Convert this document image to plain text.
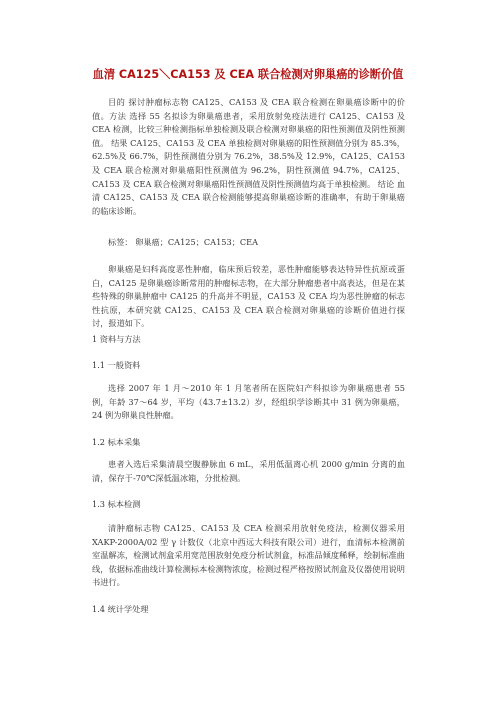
血清 CA125＼CA153 及 CEA 联合检测对卵巢癌的诊断价值

目的 探讨肿瘤标志物 CA125、CA153 及 CEA 联合检测在卵巢癌诊断中的价值。方法 选择 55 名拟诊为卵巢癌患者，采用放射免疫法进行 CA125、CA153 及 CEA 检测，比较三种检测指标单独检测及联合检测对卵巢癌的阳性预测值及阴性预测值。 结果 CA125、CA153 及 CEA 单独检测对卵巢癌的阳性预测值分别为 85.3%，62.5%及 66.7%，阴性预测值分别为 76.2%，38.5%及 12.9%，CA125、CA153 及 CEA 联合检测对卵巢癌阳性预测值为 96.2%，阴性预测值 94.7%，CA125、CA153 及 CEA 联合检测对卵巢癌阳性预测值及阴性预测值均高于单独检测。 结论 血清 CA125、CA153 及 CEA 联合检测能够提高卵巢癌诊断的准确率，有助于卵巢癌的临床诊断。

标签： 卵巢癌；CA125；CA153；CEA

卵巢癌是妇科高度恶性肿瘤，临床预后较差，恶性肿瘤能够表达特异性抗原或蛋白，CA125 是卵巢癌诊断常用的肿瘤标志物，在大部分肿瘤患者中高表达，但是在某些特殊的卵巢肿瘤中 CA125 的升高并不明显，CA153 及 CEA 均为恶性肿瘤的标志性抗原，本研究就 CA125、CA153 及 CEA 联合检测对卵巢癌的诊断价值进行探讨，报道如下。

1 资料与方法

1.1 一般资料

选择 2007 年 1 月～2010 年 1 月笔者所在医院妇产科拟诊为卵巢癌患者 55 例，年龄 37～64 岁，平均（43.7±13.2）岁，经组织学诊断其中 31 例为卵巢癌，24 例为卵巢良性肿瘤。

1.2 标本采集

患者入选后采集清晨空腹静脉血 6 mL，采用低温离心机 2000 g/min 分离的血清，保存于-70℃深低温冰箱，分批检测。

1.3 标本检测

清肿瘤标志物 CA125、CA153 及 CEA 检测采用放射免疫法，检测仪器采用 XAKP-2000A/02 型 γ 计数仪（北京中西远大科技有限公司）进行，血清标本检测前室温解冻，检测试剂盒采用宽范围放射免疫分析试剂盒，标准品倾度稀释，绘制标准曲线，依据标准曲线计算检测标本检测物浓度，检测过程严格按照试剂盒及仪器使用说明书进行。

1.4 统计学处理
